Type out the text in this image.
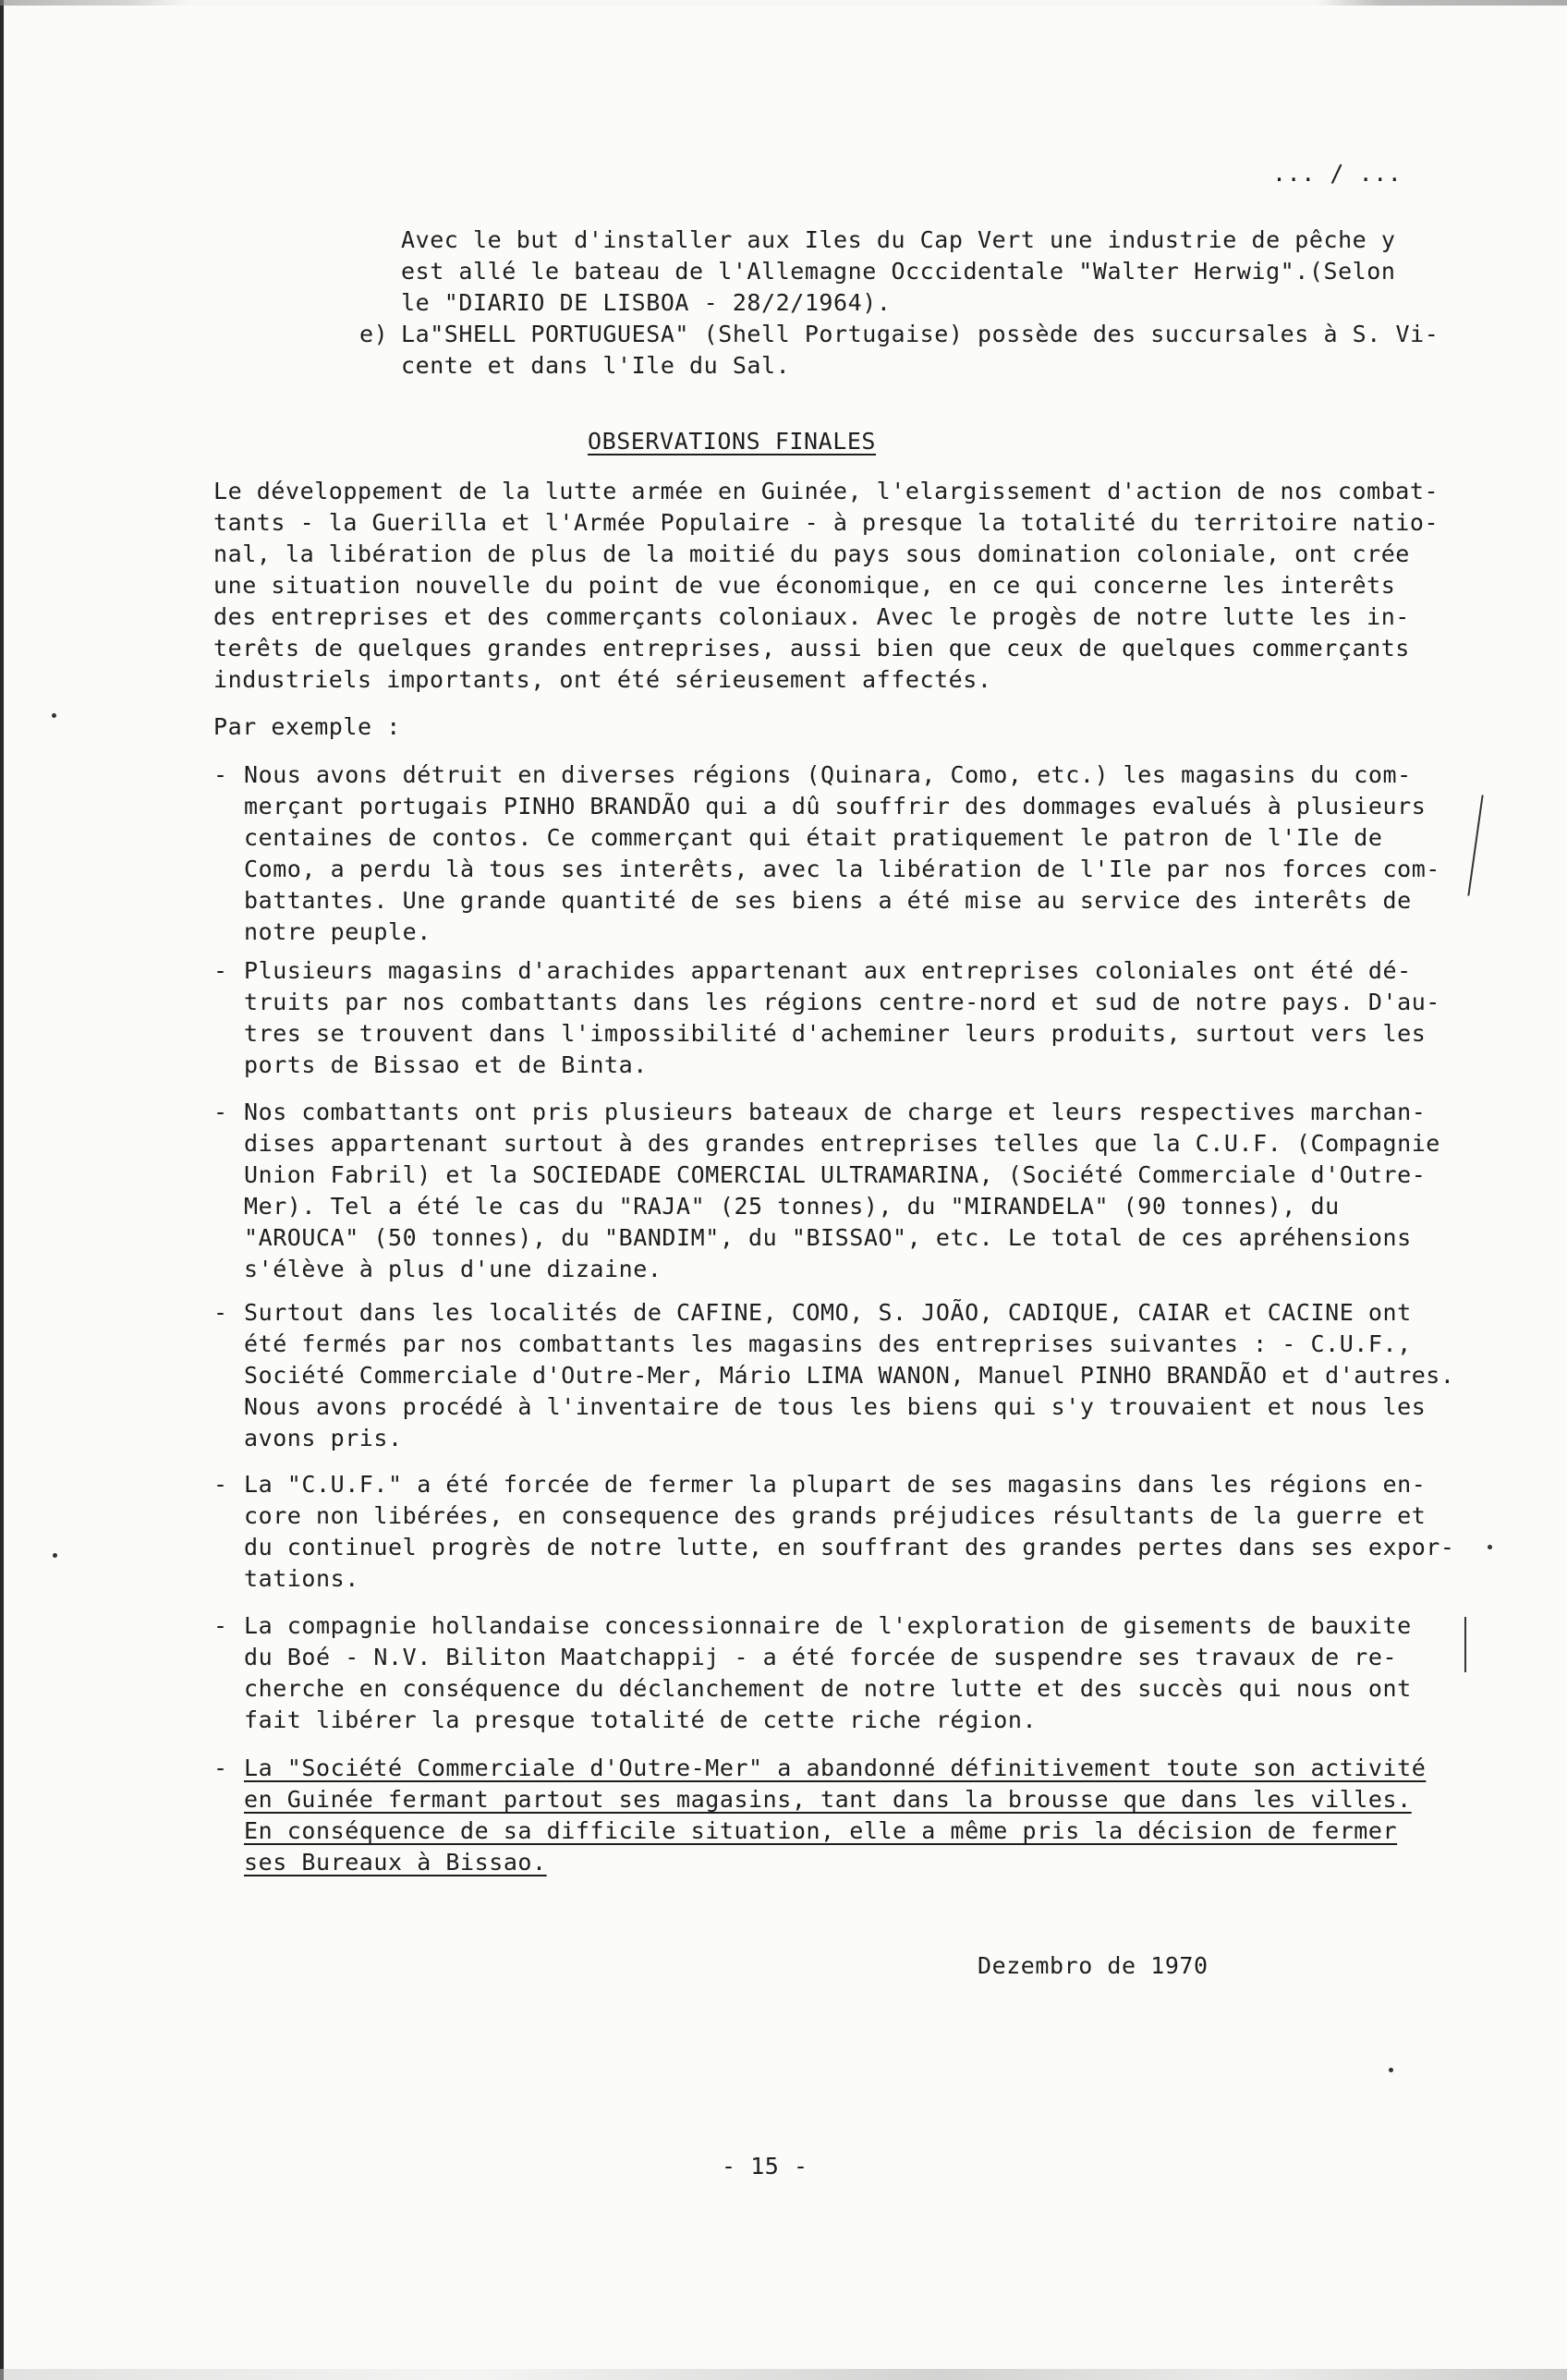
... / ...
Avec le but d'installer aux Iles du Cap Vert une industrie de pêche y
est allé le bateau de l'Allemagne Occcidentale "Walter Herwig".(Selon
le "DIARIO DE LISBOA - 28/2/1964).
e) La"SHELL PORTUGUESA" (Shell Portugaise) possède des succursales à S. Vi-
cente et dans l'Ile du Sal.
OBSERVATIONS FINALES
Le développement de la lutte armée en Guinée, l'elargissement d'action de nos combat-
tants - la Guerilla et l'Armée Populaire - à presque la totalité du territoire natio-
nal, la libération de plus de la moitié du pays sous domination coloniale, ont crée
une situation nouvelle du point de vue économique, en ce qui concerne les interêts
des entreprises et des commerçants coloniaux. Avec le progès de notre lutte les in-
terêts de quelques grandes entreprises, aussi bien que ceux de quelques commerçants
industriels importants, ont été sérieusement affectés.
Par exemple :
- Nous avons détruit en diverses régions (Quinara, Como, etc.) les magasins du com-
merçant portugais PINHO BRANDÃO qui a dû souffrir des dommages evalués à plusieurs
centaines de contos. Ce commerçant qui était pratiquement le patron de l'Ile de
Como, a perdu là tous ses interêts, avec la libération de l'Ile par nos forces com-
battantes. Une grande quantité de ses biens a été mise au service des interêts de
notre peuple.
- Plusieurs magasins d'arachides appartenant aux entreprises coloniales ont été dé-
truits par nos combattants dans les régions centre-nord et sud de notre pays. D'au-
tres se trouvent dans l'impossibilité d'acheminer leurs produits, surtout vers les
ports de Bissao et de Binta.
- Nos combattants ont pris plusieurs bateaux de charge et leurs respectives marchan-
dises appartenant surtout à des grandes entreprises telles que la C.U.F. (Compagnie
Union Fabril) et la SOCIEDADE COMERCIAL ULTRAMARINA, (Société Commerciale d'Outre-
Mer). Tel a été le cas du "RAJA" (25 tonnes), du "MIRANDELA" (90 tonnes), du
"AROUCA" (50 tonnes), du "BANDIM", du "BISSAO", etc. Le total de ces apréhensions
s'élève à plus d'une dizaine.
- Surtout dans les localités de CAFINE, COMO, S. JOÃO, CADIQUE, CAIAR et CACINE ont
été fermés par nos combattants les magasins des entreprises suivantes : - C.U.F.,
Société Commerciale d'Outre-Mer, Mário LIMA WANON, Manuel PINHO BRANDÃO et d'autres.
Nous avons procédé à l'inventaire de tous les biens qui s'y trouvaient et nous les
avons pris.
- La "C.U.F." a été forcée de fermer la plupart de ses magasins dans les régions en-
core non libérées, en consequence des grands préjudices résultants de la guerre et
du continuel progrès de notre lutte, en souffrant des grandes pertes dans ses expor-
tations.
- La compagnie hollandaise concessionnaire de l'exploration de gisements de bauxite
du Boé - N.V. Biliton Maatchappij - a été forcée de suspendre ses travaux de re-
cherche en conséquence du déclanchement de notre lutte et des succès qui nous ont
fait libérer la presque totalité de cette riche région.
- La "Société Commerciale d'Outre-Mer" a abandonné définitivement toute son activité
en Guinée fermant partout ses magasins, tant dans la brousse que dans les villes.
En conséquence de sa difficile situation, elle a même pris la décision de fermer
ses Bureaux à Bissao.
Dezembro de 1970
- 15 -
